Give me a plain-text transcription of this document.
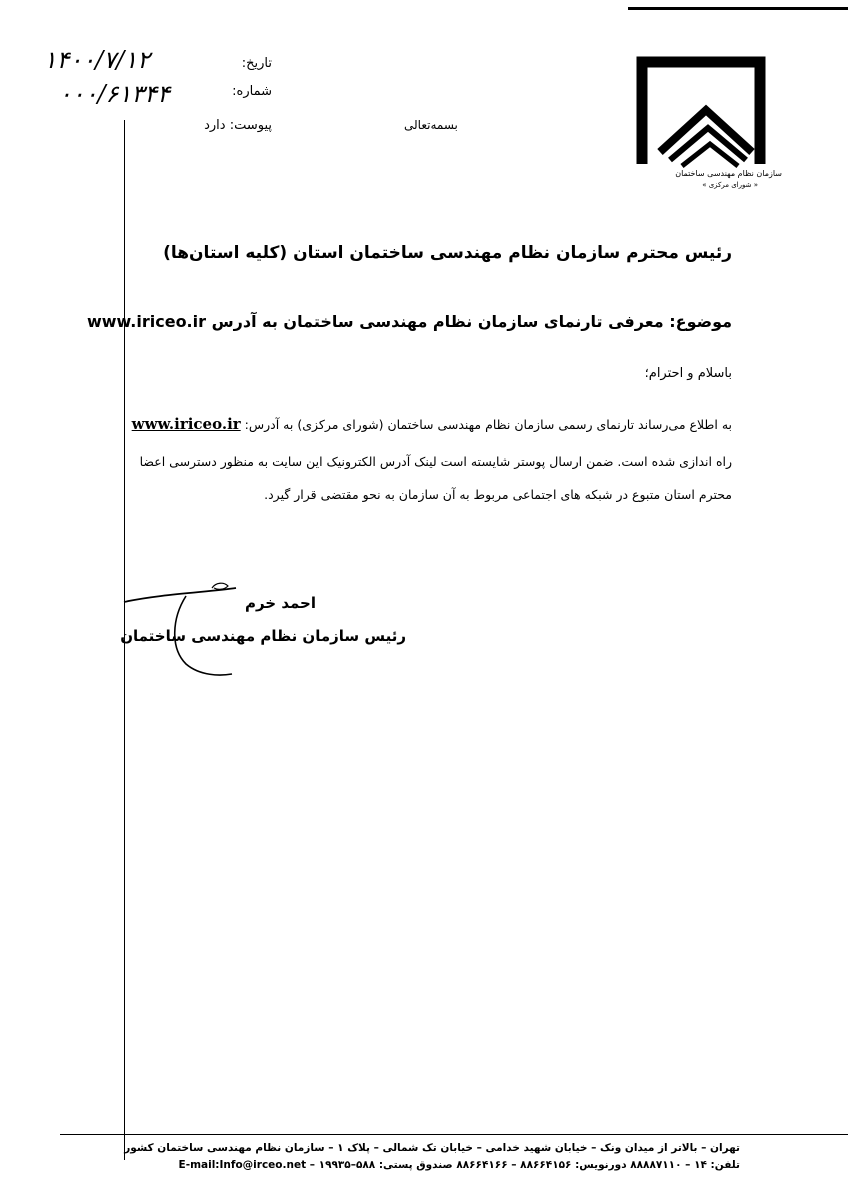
سازمان نظام مهندسی ساختمان
« شورای مرکزی »
تاریخ:
۱۴۰۰/۷/۱۲
شماره:
۰۰۰/۶۱۳۴۴
پیوست: دارد	بسمه‌تعالی
رئیس محترم سازمان نظام مهندسی ساختمان استان (کلیه استان‌ها)
موضوع: معرفی تارنمای سازمان نظام مهندسی ساختمان به آدرس www.iriceo.ir
باسلام و احترام؛
به اطلاع می‌رساند تارنمای رسمی سازمان نظام مهندسی ساختمان (شورای مرکزی) به آدرس: www.iriceo.ir
راه اندازی شده است. ضمن ارسال پوستر شایسته است لینک آدرس الکترونیک این سایت به منظور دسترسی اعضا
محترم استان متبوع در شبکه های اجتماعی مربوط به آن سازمان به نحو مقتضی قرار گیرد.
احمد خرم
رئیس سازمان نظام مهندسی ساختمان
تهران – بالاتر از میدان ونک – خیابان شهید خدامی – خیابان تک شمالی – پلاک ۱ – سازمان نظام مهندسی ساختمان کشور
تلفن: ۱۴ – ۸۸۸۸۷۱۱۰ دورنویس: ۸۸۶۶۴۱۵۶ – ۸۸۶۶۴۱۶۶ صندوق پستی: ۵۸۸–۱۹۹۳۵ – E-mail:Info@irceo.net
